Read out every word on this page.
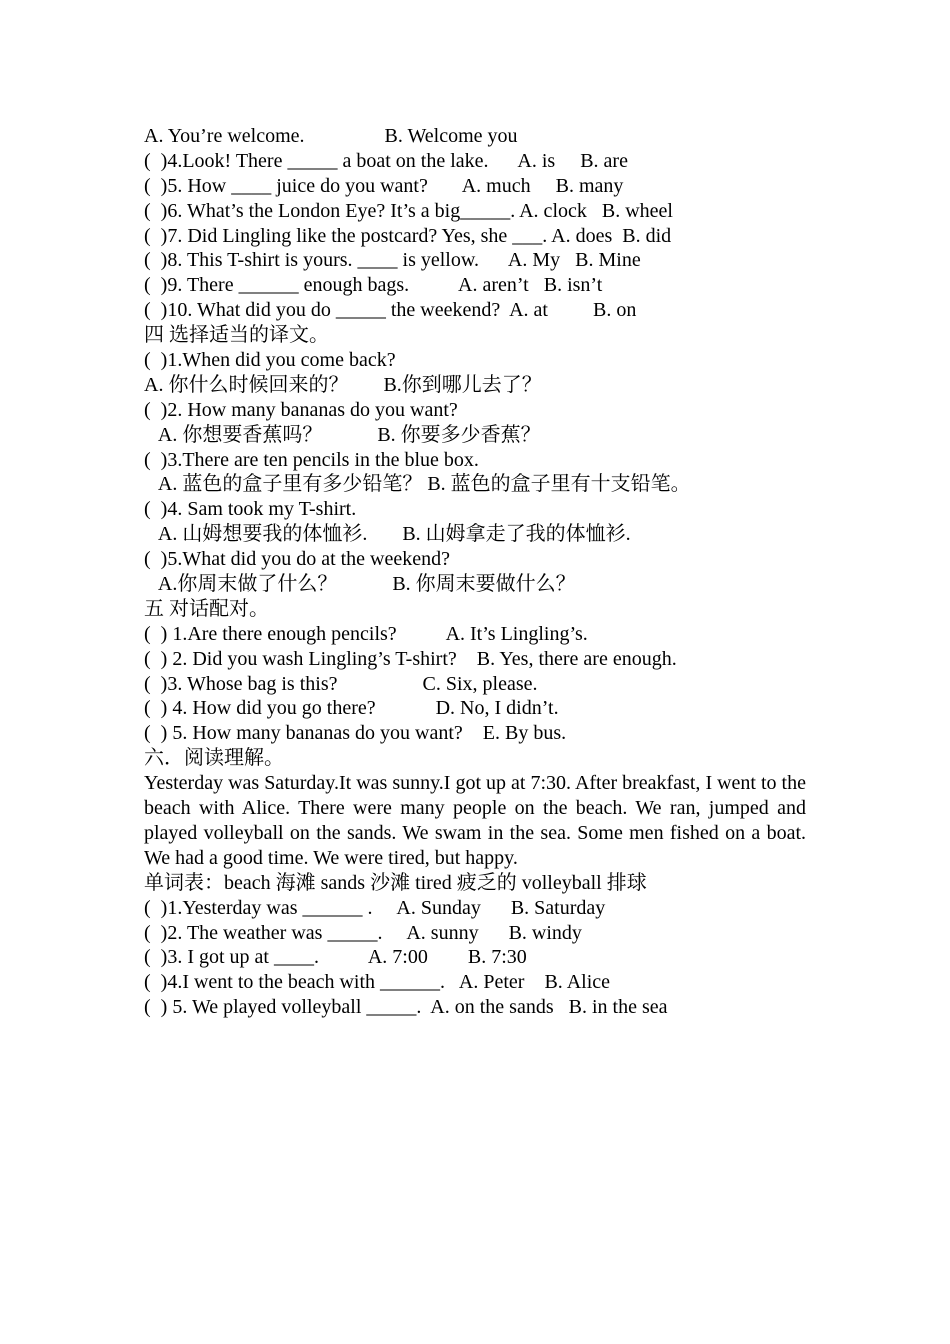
A. You’re welcome.                B. Welcome you
(  )4.Look! There _____ a boat on the lake.      A. is     B. are
(  )5. How ____ juice do you want?       A. much     B. many
(  )6. What’s the London Eye? It’s a big_____. A. clock   B. wheel
(  )7. Did Lingling like the postcard? Yes, she ___. A. does  B. did
(  )8. This T-shirt is yours. ____ is yellow.      A. My   B. Mine
(  )9. There ______ enough bags.          A. aren’t   B. isn’t
(  )10. What did you do _____ the weekend?  A. at         B. on
四 选择适当的译文。
(  )1.When did you come back?
A. 你什么时候回来的？       B.你到哪儿去了？
(  )2. How many bananas do you want?
A. 你想要香蕉吗？           B. 你要多少香蕉？
(  )3.There are ten pencils in the blue box.
A. 蓝色的盒子里有多少铅笔？ B. 蓝色的盒子里有十支铅笔。
(  )4. Sam took my T-shirt.
A. 山姆想要我的体恤衫.       B. 山姆拿走了我的体恤衫.
(  )5.What did you do at the weekend?
A.你周末做了什么？           B. 你周末要做什么？
五 对话配对。
(  ) 1.Are there enough pencils?          A. It’s Lingling’s.
(  ) 2. Did you wash Lingling’s T-shirt?    B. Yes, there are enough.
(  )3. Whose bag is this?                 C. Six, please.
(  ) 4. How did you go there?            D. No, I didn’t.
(  ) 5. How many bananas do you want?    E. By bus.
六．阅读理解。
Yesterday was Saturday.It was sunny.I got up at 7:30. After breakfast, I went to the beach with Alice. There were many people on the beach. We ran, jumped and played volleyball on the sands. We swam in the sea. Some men fished on a boat. We had a good time. We were tired, but happy.
单词表：beach 海滩 sands 沙滩 tired 疲乏的 volleyball 排球
(  )1.Yesterday was ______ .     A. Sunday      B. Saturday
(  )2. The weather was _____.     A. sunny      B. windy
(  )3. I got up at ____.          A. 7:00        B. 7:30
(  )4.I went to the beach with ______.   A. Peter    B. Alice
(  ) 5. We played volleyball _____.  A. on the sands   B. in the sea
